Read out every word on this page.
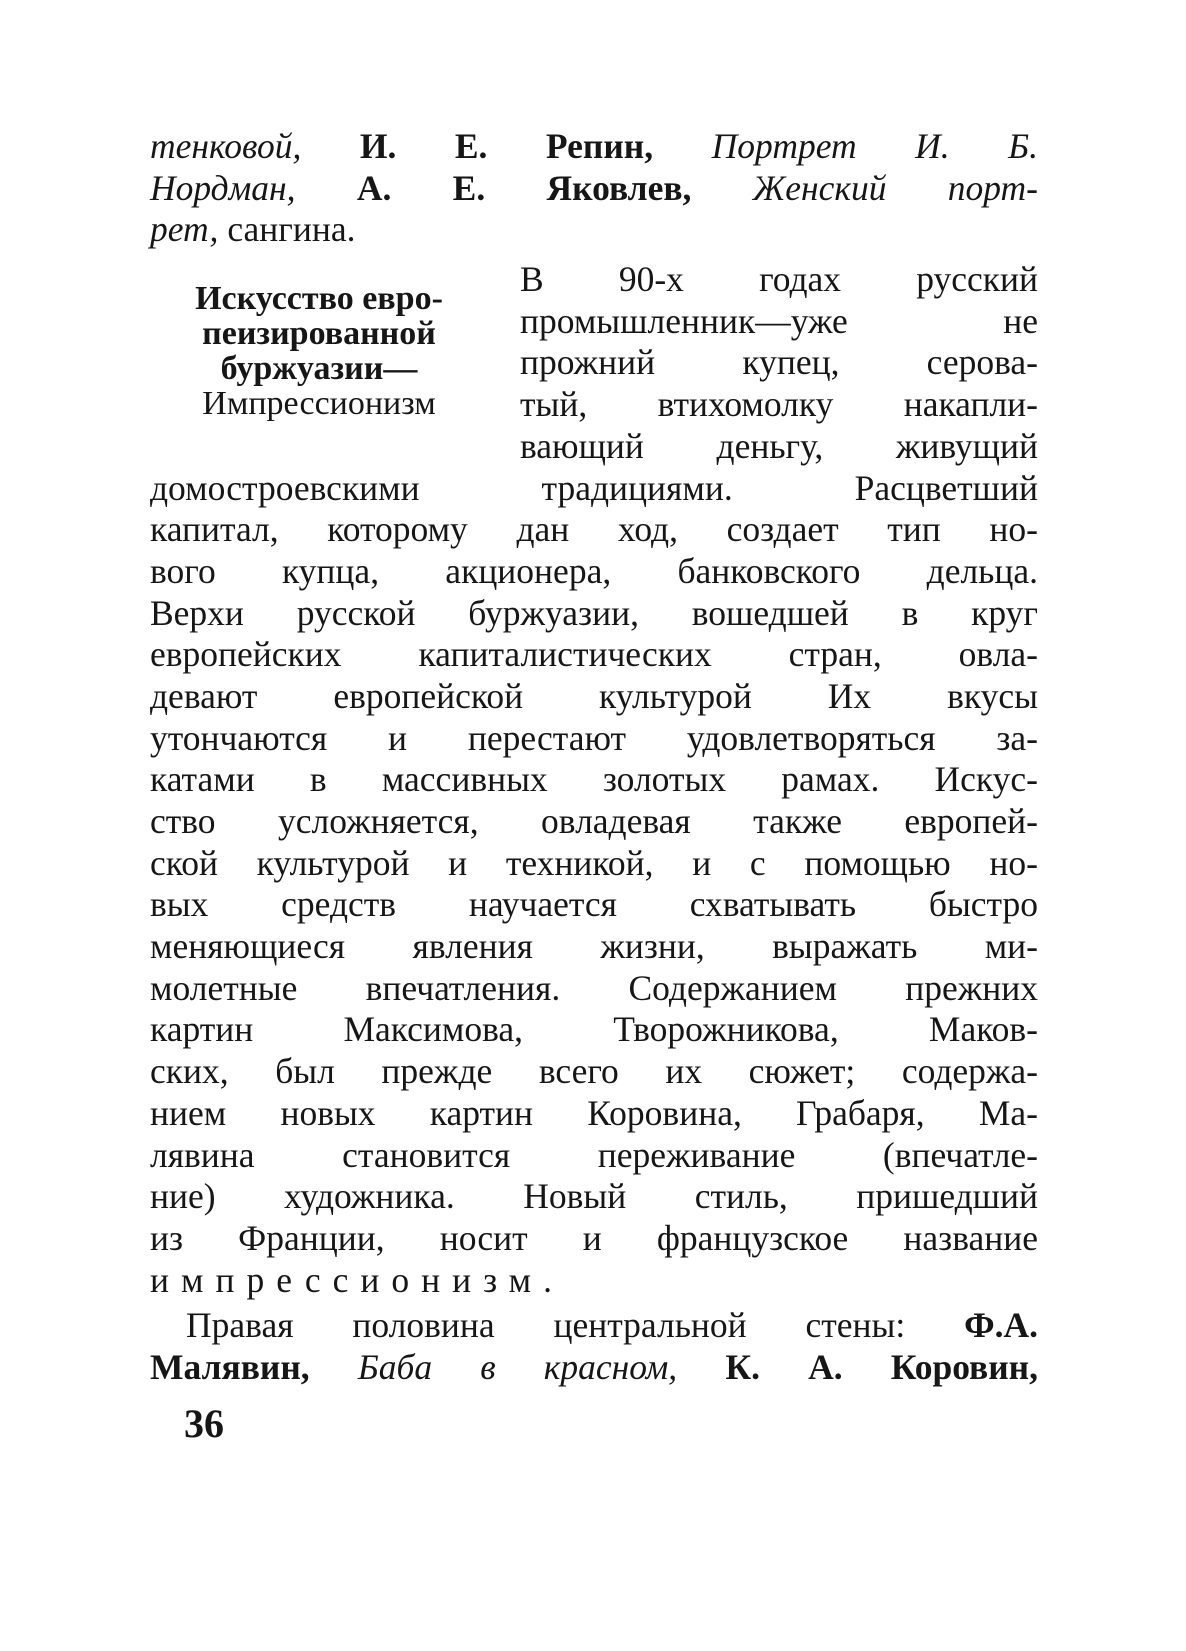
тенковой, И. Е. Репин, Портрет И. Б.
Нордман, А. Е. Яковлев, Женский порт-
рет, сангина.
Искусство евро-
пеизированной
буржуазии—
Импрессионизм
В 90-х годах русский
промышленник—уже не
прожний купец, серова-
тый, втихомолку накапли-
вающий деньгу, живущий
домостроевскими традициями. Расцветший
капитал, которому дан ход, создает тип но-
вого купца, акционера, банковского дельца.
Верхи русской буржуазии, вошедшей в круг
европейских капиталистических стран, овла-
девают европейской культурой Их вкусы
утончаются и перестают удовлетворяться за-
катами в массивных золотых рамах. Искус-
ство усложняется, овладевая также европей-
ской культурой и техникой, и с помощью но-
вых средств научается схватывать быстро
меняющиеся явления жизни, выражать ми-
молетные впечатления. Содержанием прежних
картин Максимова, Творожникова, Маков-
ских, был прежде всего их сюжет; содержа-
нием новых картин Коровина, Грабаря, Ма-
лявина становится переживание (впечатле-
ние) художника. Новый стиль, пришедший
из Франции, носит и французское название
импрессионизм.
Правая половина центральной стены: Ф.А.
Малявин, Баба в красном, К. А. Коровин,
36
